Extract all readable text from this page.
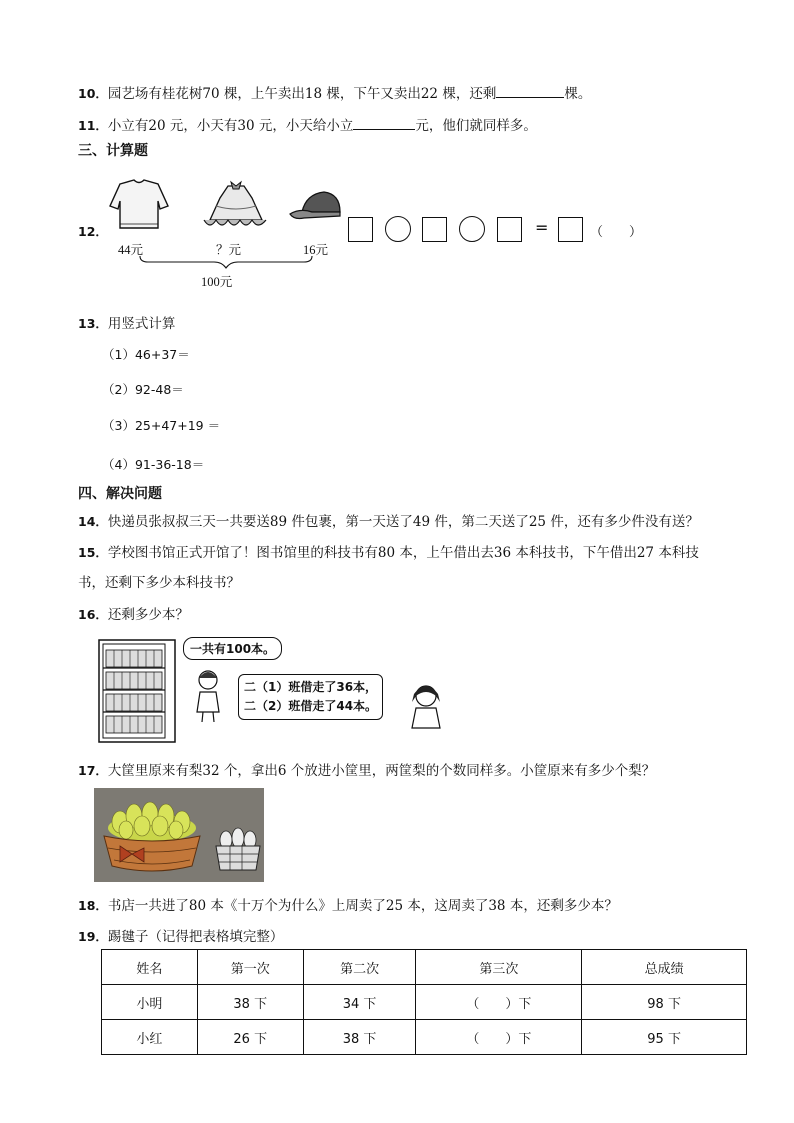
10．园艺场有桂花树70 棵，上午卖出18 棵，下午又卖出22 棵，还剩	棵。
11．小立有20 元，小天有30 元，小天给小立	元，他们就同样多。
三、计算题
12．
44元	？元	16元
100元
=	（　　）
13．用竖式计算
（1）46+37＝
（2）92-48＝
（3）25+47+19 ＝
（4）91-36-18＝
四、解决问题
14．快递员张叔叔三天一共要送89 件包裹，第一天送了49 件，第二天送了25 件，还有多少件没有送？
15．学校图书馆正式开馆了！图书馆里的科技书有80 本，上午借出去36 本科技书，下午借出27 本科技
书，还剩下多少本科技书？
16．还剩多少本？
一共有100本。
二（1）班借走了36本，
二（2）班借走了44本。
17．大筐里原来有梨32 个，拿出6 个放进小筐里，两筐梨的个数同样多。小筐原来有多少个梨？
18．书店一共进了80 本《十万个为什么》上周卖了25 本，这周卖了38 本，还剩多少本？
19．踢毽子（记得把表格填完整）
姓名	第一次	第二次	第三次	总成绩
小明	38 下	34 下	（　　）下	98 下
小红	26 下	38 下	（　　）下	95 下
